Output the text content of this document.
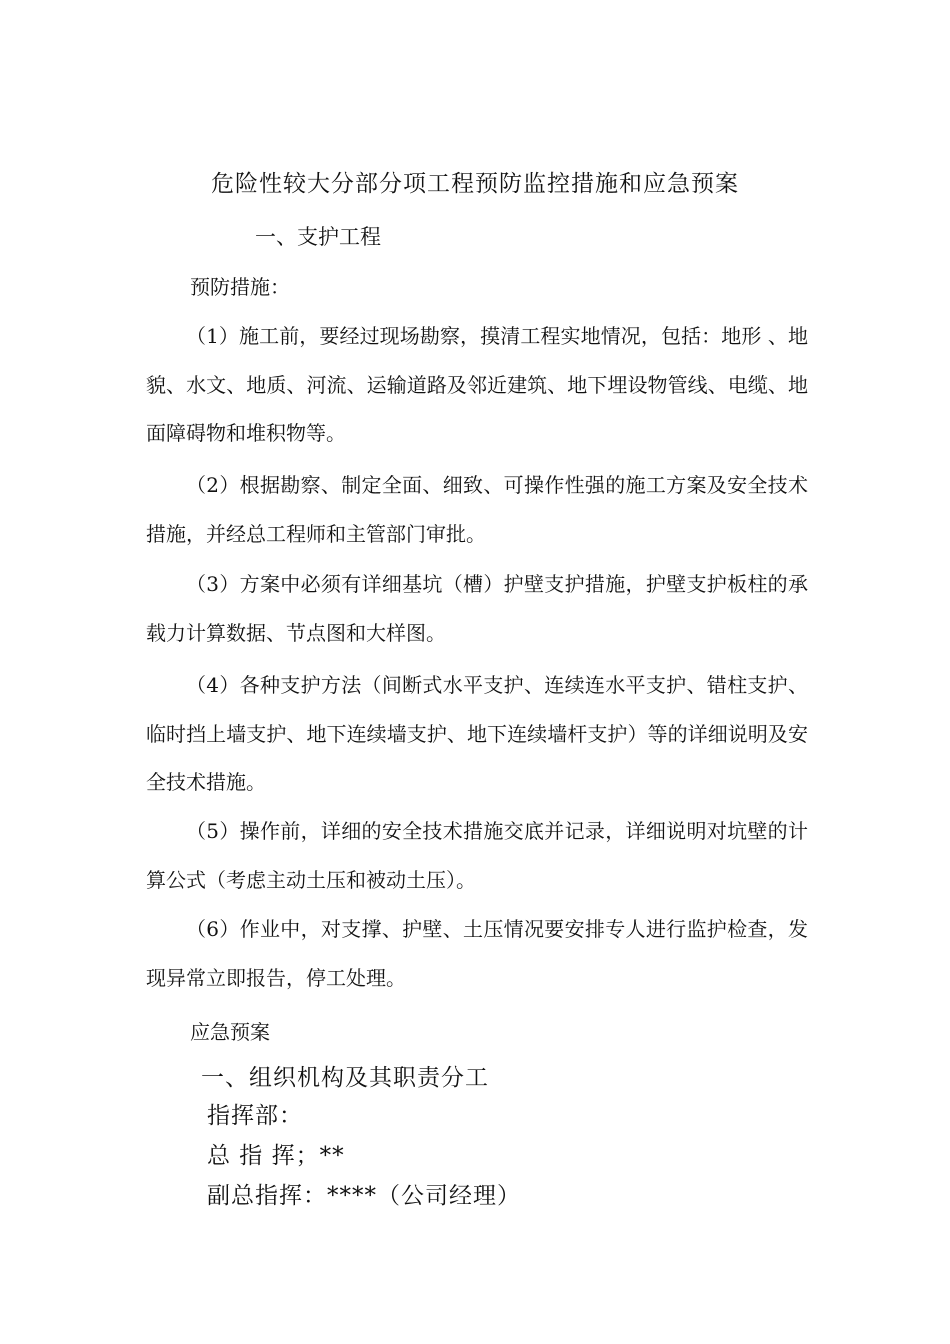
危险性较大分部分项工程预防监控措施和应急预案
一、支护工程
预防措施：

（1）施工前，要经过现场勘察，摸清工程实地情况，包括：地形 、地貌、水文、地质、河流、运输道路及邻近建筑、地下埋设物管线、电缆、地面障碍物和堆积物等。

（2）根据勘察、制定全面、细致、可操作性强的施工方案及安全技术措施，并经总工程师和主管部门审批。

（3）方案中必须有详细基坑（槽）护壁支护措施，护壁支护板柱的承载力计算数据、节点图和大样图。

（4）各种支护方法（间断式水平支护、连续连水平支护、错柱支护、临时挡上墙支护、地下连续墙支护、地下连续墙杆支护）等的详细说明及安全技术措施。

（5）操作前，详细的安全技术措施交底并记录，详细说明对坑壁的计算公式（考虑主动土压和被动土压）。

（6）作业中，对支撑、护壁、土压情况要安排专人进行监护检查，发现异常立即报告，停工处理。

应急预案
一、组织机构及其职责分工
指挥部：
总 指 挥；**
副总指挥：****（公司经理）
